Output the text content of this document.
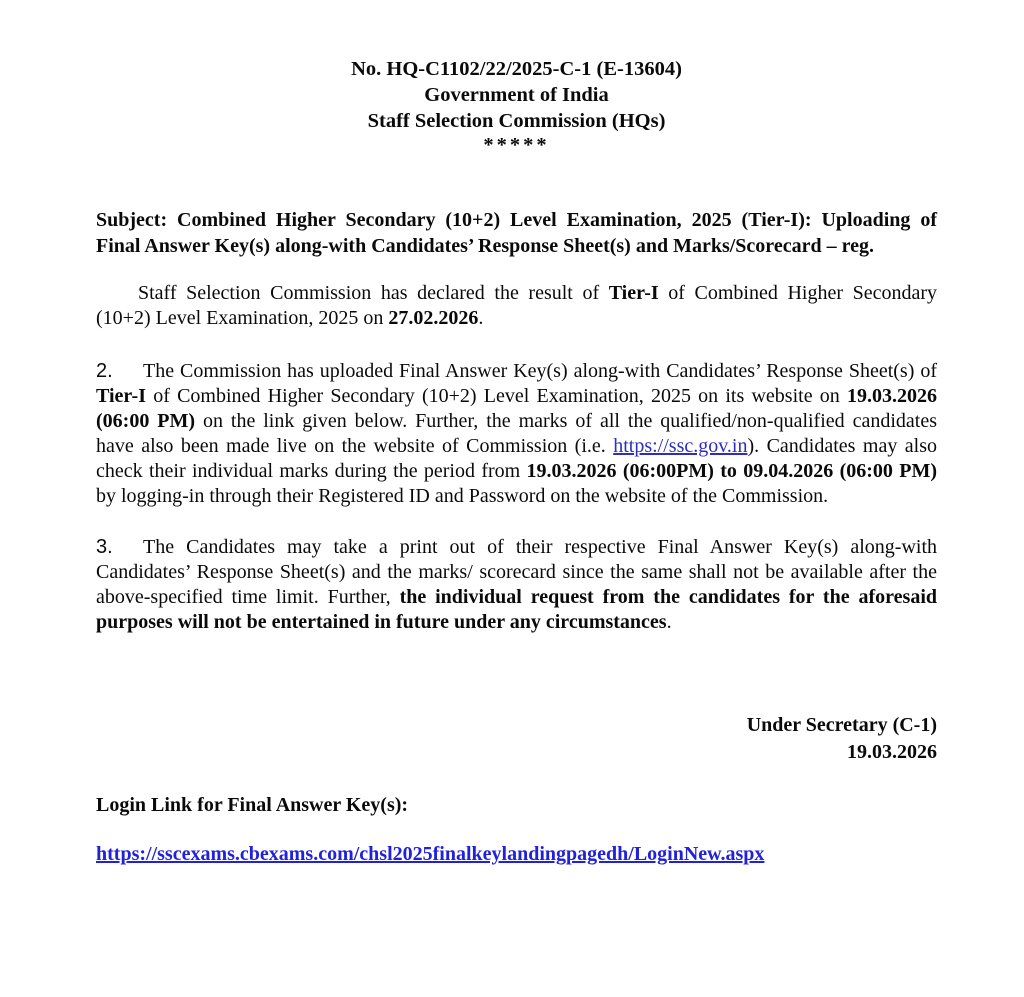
No. HQ-C1102/22/2025-C-1 (E-13604)
Government of India
Staff Selection Commission (HQs)
*****

Subject: Combined Higher Secondary (10+2) Level Examination, 2025 (Tier-I): Uploading of Final Answer Key(s) along-with Candidates’ Response Sheet(s) and Marks/Scorecard – reg.

Staff Selection Commission has declared the result of Tier-I of Combined Higher Secondary (10+2) Level Examination, 2025 on 27.02.2026.

2. The Commission has uploaded Final Answer Key(s) along-with Candidates’ Response Sheet(s) of Tier-I of Combined Higher Secondary (10+2) Level Examination, 2025 on its website on 19.03.2026 (06:00 PM) on the link given below. Further, the marks of all the qualified/non-qualified candidates have also been made live on the website of Commission (i.e. https://ssc.gov.in). Candidates may also check their individual marks during the period from 19.03.2026 (06:00PM) to 09.04.2026 (06:00 PM) by logging-in through their Registered ID and Password on the website of the Commission.

3. The Candidates may take a print out of their respective Final Answer Key(s) along-with Candidates’ Response Sheet(s) and the marks/ scorecard since the same shall not be available after the above-specified time limit. Further, the individual request from the candidates for the aforesaid purposes will not be entertained in future under any circumstances.

Under Secretary (C-1)
19.03.2026

Login Link for Final Answer Key(s):

https://sscexams.cbexams.com/chsl2025finalkeylandingpagedh/LoginNew.aspx
